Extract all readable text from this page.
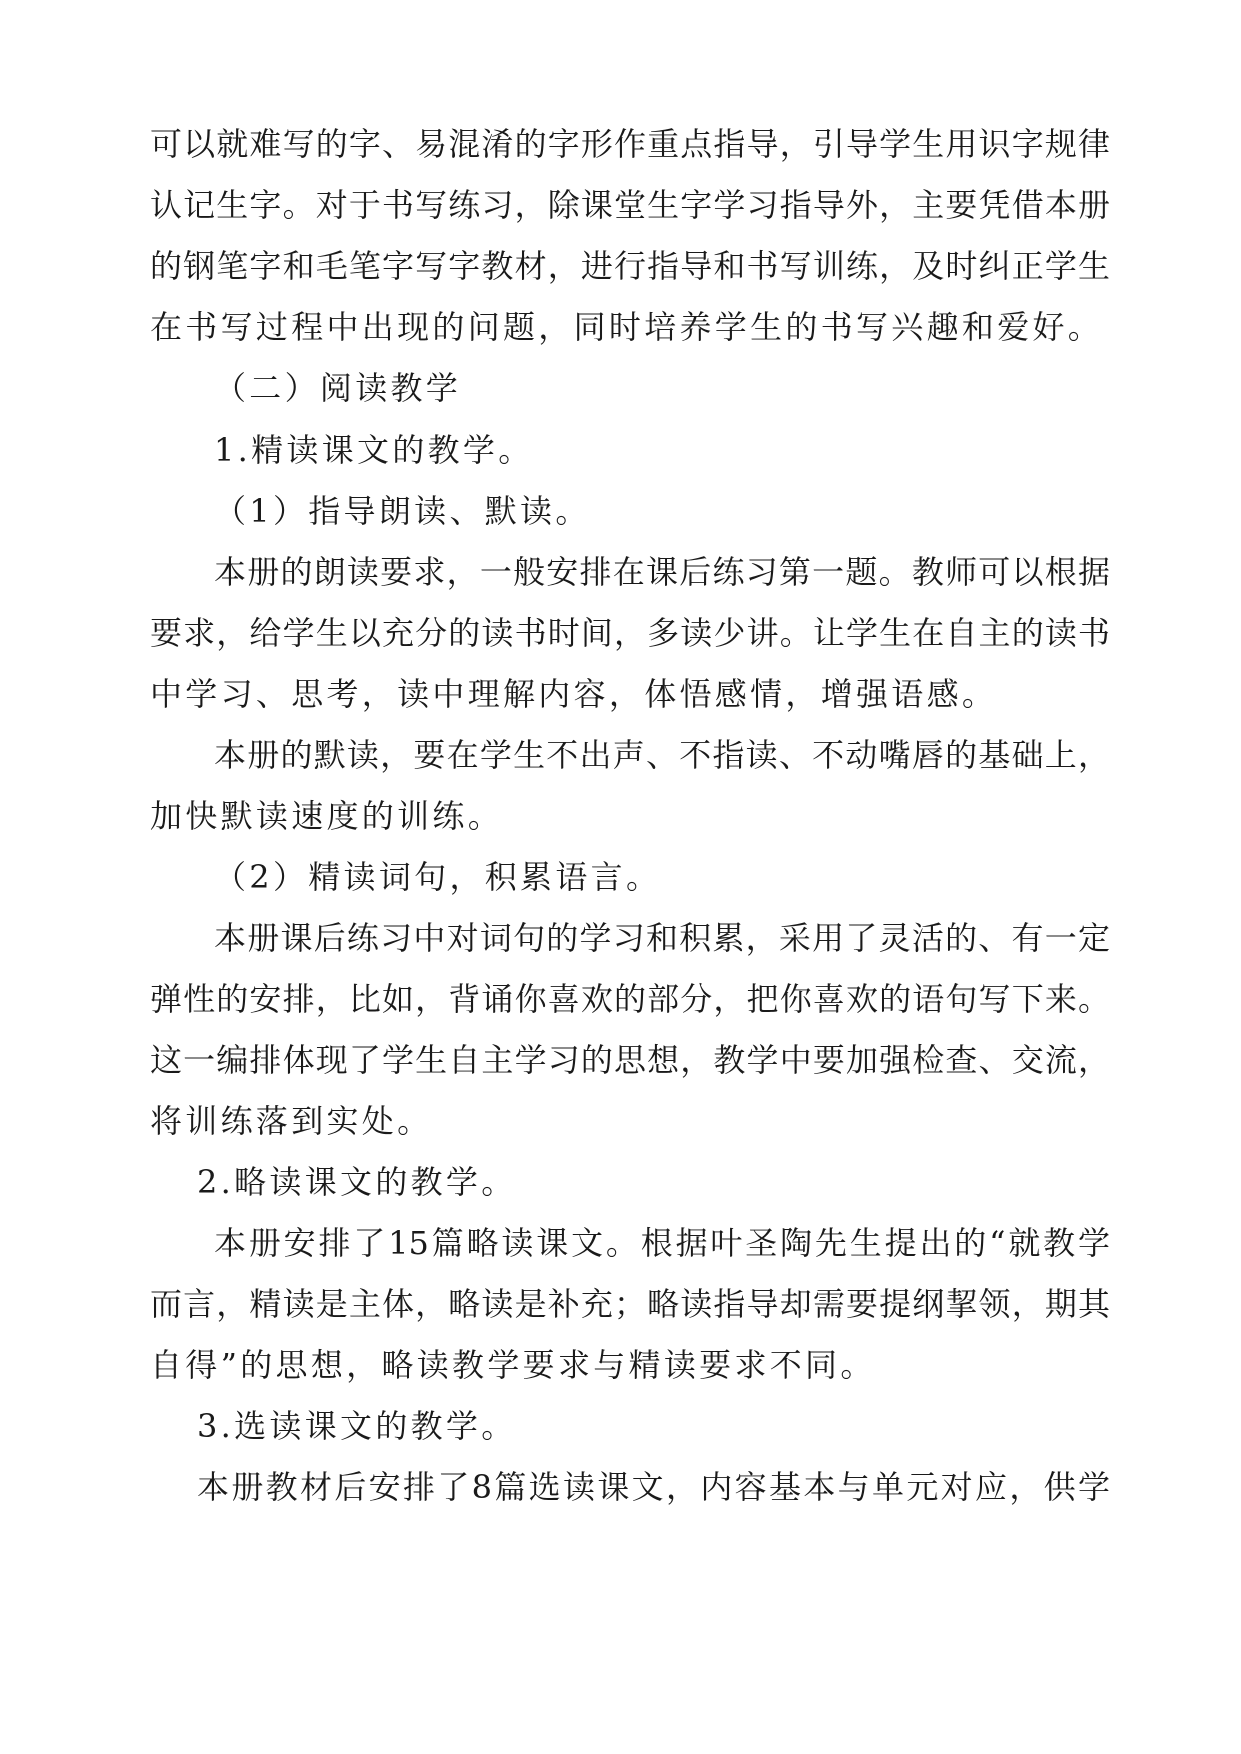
可以就难写的字、易混淆的字形作重点指导，引导学生用识字规律

认记生字。对于书写练习，除课堂生字学习指导外，主要凭借本册

的钢笔字和毛笔字写字教材，进行指导和书写训练，及时纠正学生

在书写过程中出现的问题，同时培养学生的书写兴趣和爱好。

（二）阅读教学

1.精读课文的教学。

（1）指导朗读、默读。

本册的朗读要求，一般安排在课后练习第一题。教师可以根据

要求，给学生以充分的读书时间，多读少讲。让学生在自主的读书

中学习、思考，读中理解内容，体悟感情，增强语感。

本册的默读，要在学生不出声、不指读、不动嘴唇的基础上，

加快默读速度的训练。

（2）精读词句，积累语言。

本册课后练习中对词句的学习和积累，采用了灵活的、有一定

弹性的安排，比如，背诵你喜欢的部分，把你喜欢的语句写下来。

这一编排体现了学生自主学习的思想，教学中要加强检查、交流，

将训练落到实处。

2.略读课文的教学。

本册安排了15篇略读课文。根据叶圣陶先生提出的“就教学

而言，精读是主体，略读是补充；略读指导却需要提纲挈领，期其

自得”的思想，略读教学要求与精读要求不同。

3.选读课文的教学。

本册教材后安排了8篇选读课文，内容基本与单元对应，供学
